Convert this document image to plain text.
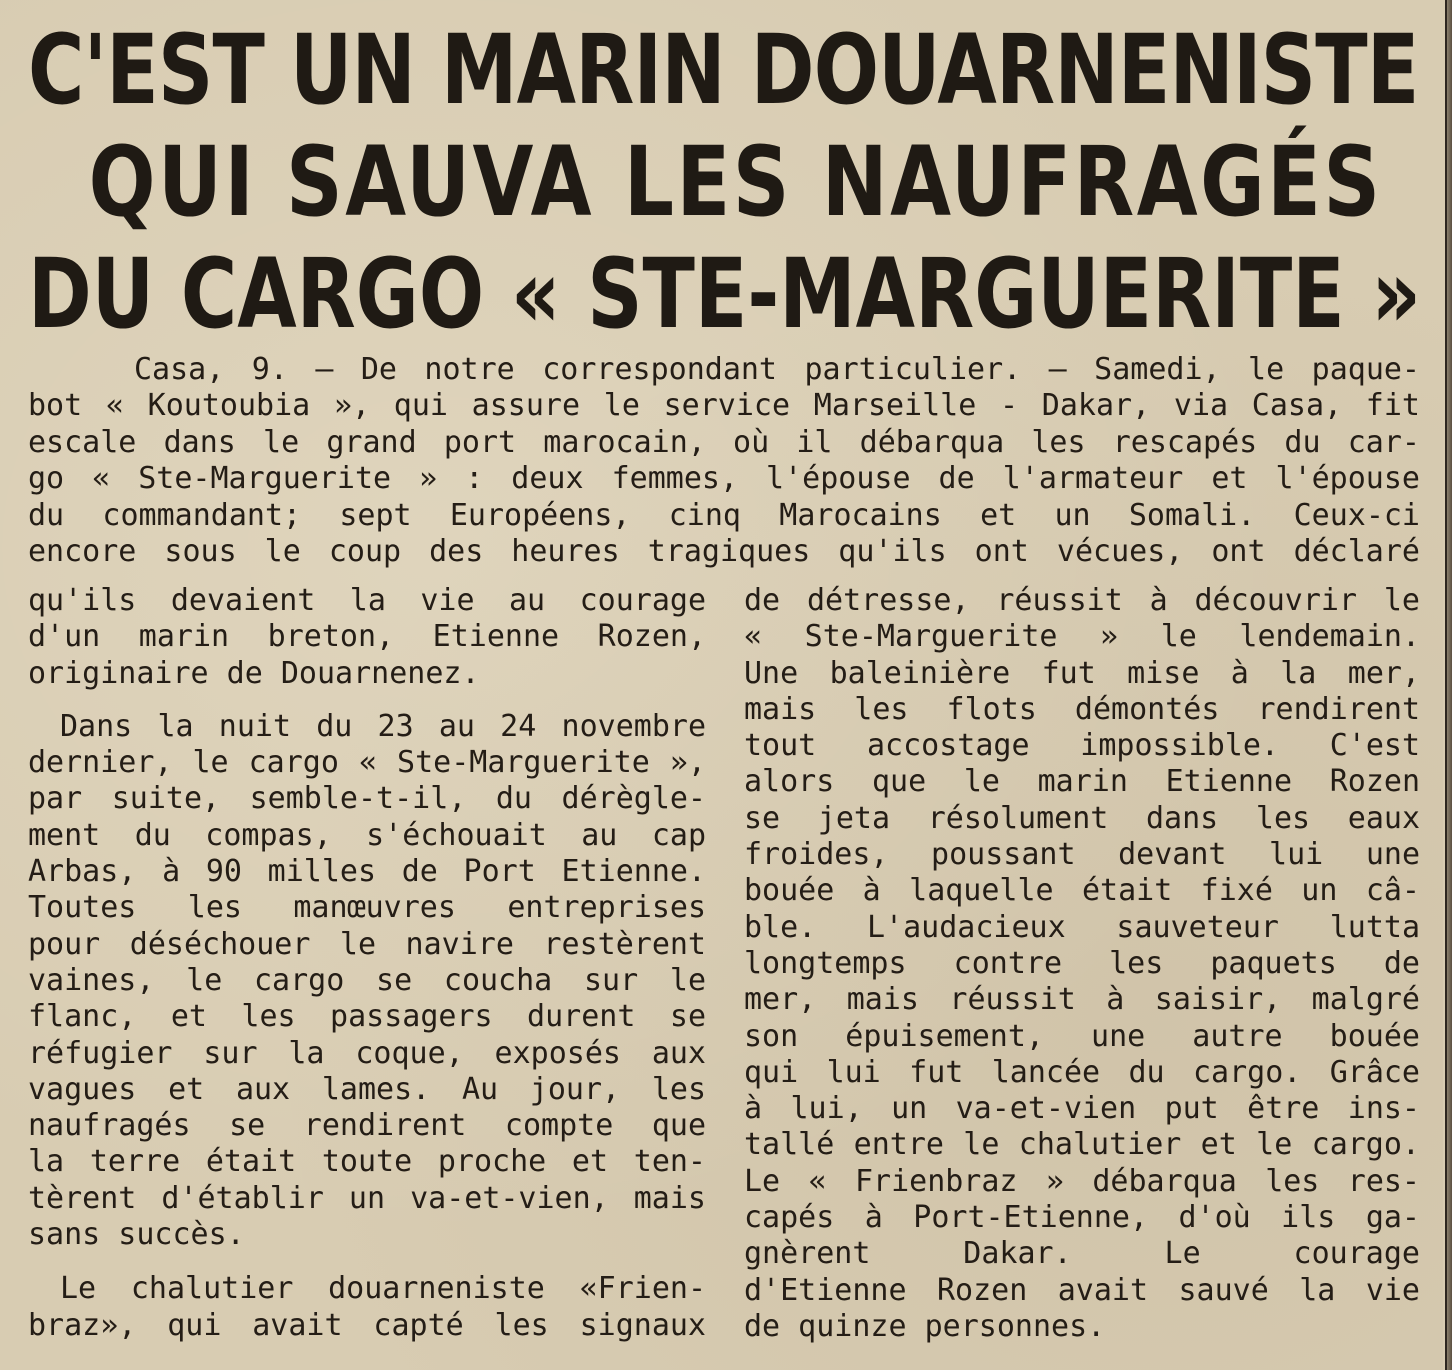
C'EST UN MARIN DOUARNENISTE
QUI SAUVA LES NAUFRAGÉS
DU CARGO « STE-MARGUERITE »
Casa, 9. — De notre correspondant particulier. — Samedi, le paque-
bot « Koutoubia », qui assure le service Marseille - Dakar, via Casa, fit
escale dans le grand port marocain, où il débarqua les rescapés du car-
go « Ste-Marguerite » : deux femmes, l'épouse de l'armateur et l'épouse
du commandant; sept Européens, cinq Marocains et un Somali. Ceux-ci
encore sous le coup des heures tragiques qu'ils ont vécues, ont déclaré
qu'ils devaient la vie au courage
d'un marin breton, Etienne Rozen,
originaire de Douarnenez.
Dans la nuit du 23 au 24 novembre
dernier, le cargo « Ste-Marguerite »,
par suite, semble-t-il, du dérègle-
ment du compas, s'échouait au cap
Arbas, à 90 milles de Port Etienne.
Toutes les manœuvres entreprises
pour déséchouer le navire restèrent
vaines, le cargo se coucha sur le
flanc, et les passagers durent se
réfugier sur la coque, exposés aux
vagues et aux lames. Au jour, les
naufragés se rendirent compte que
la terre était toute proche et ten-
tèrent d'établir un va-et-vien, mais
sans succès.
Le chalutier douarneniste «Frien-
braz», qui avait capté les signaux
de détresse, réussit à découvrir le
« Ste-Marguerite » le lendemain.
Une baleinière fut mise à la mer,
mais les flots démontés rendirent
tout accostage impossible. C'est
alors que le marin Etienne Rozen
se jeta résolument dans les eaux
froides, poussant devant lui une
bouée à laquelle était fixé un câ-
ble. L'audacieux sauveteur lutta
longtemps contre les paquets de
mer, mais réussit à saisir, malgré
son épuisement, une autre bouée
qui lui fut lancée du cargo. Grâce
à lui, un va-et-vien put être ins-
tallé entre le chalutier et le cargo.
Le « Frienbraz » débarqua les res-
capés à Port-Etienne, d'où ils ga-
gnèrent Dakar. Le courage
d'Etienne Rozen avait sauvé la vie
de quinze personnes.
